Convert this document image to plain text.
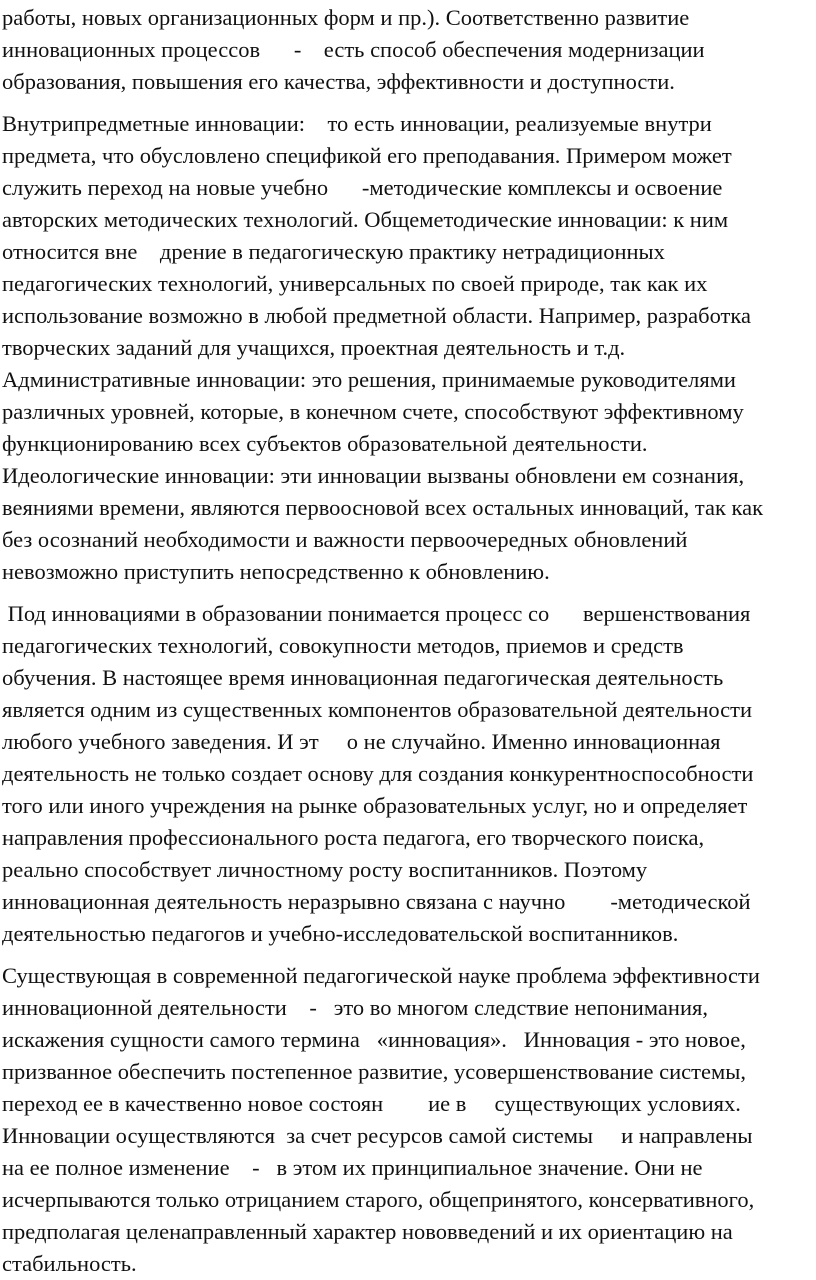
работы, новых организационных форм и пр.). Соответственно развитие
инновационных процессов      -    есть способ обеспечения модернизации
образования, повышения его качества, эффективности и доступности.
Внутрипредметные инновации:    то есть инновации, реализуемые внутри
предмета, что обусловлено спецификой его преподавания. Примером может
служить переход на новые учебно      -методические комплексы и освоение
авторских методических технологий. Общеметодические инновации: к ним
относится вне    дрение в педагогическую практику нетрадиционных
педагогических технологий, универсальных по своей природе, так как их
использование возможно в любой предметной области. Например, разработка
творческих заданий для учащихся, проектная деятельность и т.д.
Административные инновации: это решения, принимаемые руководителями
различных уровней, которые, в конечном счете, способствуют эффективному
функционированию всех субъектов образовательной деятельности.
Идеологические инновации: эти инновации вызваны обновлени ем сознания,
веяниями времени, являются первоосновой всех остальных инноваций, так как
без осознаний необходимости и важности первоочередных обновлений
невозможно приступить непосредственно к обновлению.
Под инновациями в образовании понимается процесс со      вершенствования
педагогических технологий, совокупности методов, приемов и средств
обучения. В настоящее время инновационная педагогическая деятельность
является одним из существенных компонентов образовательной деятельности
любого учебного заведения. И эт     о не случайно. Именно инновационная
деятельность не только создает основу для создания конкурентноспособности
того или иного учреждения на рынке образовательных услуг, но и определяет
направления профессионального роста педагога, его творческого поиска,
реально способствует личностному росту воспитанников. Поэтому
инновационная деятельность неразрывно связана с научно        -методической
деятельностью педагогов и учебно-исследовательской воспитанников.
Существующая в современной педагогической науке проблема эффективности
инновационной деятельности    -   это во многом следствие непонимания,
искажения сущности самого термина   «инновация».   Инновация - это новое,
призванное обеспечить постепенное развитие, усовершенствование системы,
переход ее в качественно новое состоян        ие в     существующих условиях.
Инновации осуществляются  за счет ресурсов самой системы     и направлены
на ее полное изменение    -   в этом их принципиальное значение. Они не
исчерпываются только отрицанием старого, общепринятого, консервативного,
предполагая целенаправленный характер нововведений и их ориентацию на
стабильность.
